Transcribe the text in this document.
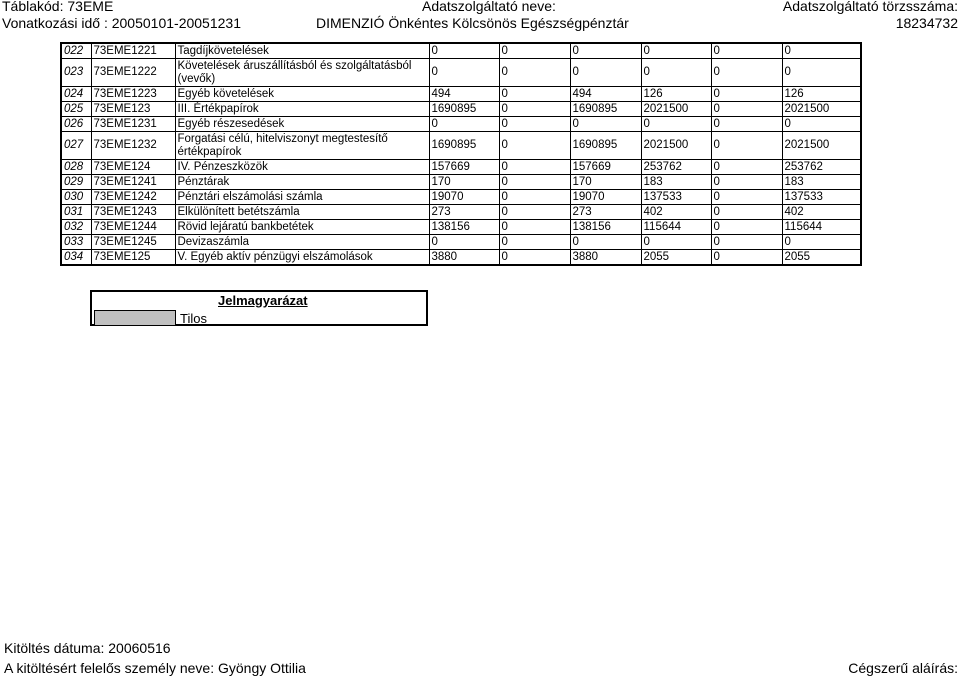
Táblakód: 73EME	Adatszolgáltató neve:	Adatszolgáltató törzsszáma:
Vonatkozási idő : 20050101-20051231	DIMENZIÓ Önkéntes Kölcsönös Egészségpénztár	18234732
022	73EME1221	Tagdíjkövetelések	0	0	0	0	0	0
023	73EME1222	Követelések áruszállításból és szolgáltatásból (vevők)	0	0	0	0	0	0
024	73EME1223	Egyéb követelések	494	0	494	126	0	126
025	73EME123	III. Értékpapírok	1690895	0	1690895	2021500	0	2021500
026	73EME1231	Egyéb részesedések	0	0	0	0	0	0
027	73EME1232	Forgatási célú, hitelviszonyt megtestesítő értékpapírok	1690895	0	1690895	2021500	0	2021500
028	73EME124	IV. Pénzeszközök	157669	0	157669	253762	0	253762
029	73EME1241	Pénztárak	170	0	170	183	0	183
030	73EME1242	Pénztári elszámolási számla	19070	0	19070	137533	0	137533
031	73EME1243	Elkülönített betétszámla	273	0	273	402	0	402
032	73EME1244	Rövid lejáratú bankbetétek	138156	0	138156	115644	0	115644
033	73EME1245	Devizaszámla	0	0	0	0	0	0
034	73EME125	V. Egyéb aktív pénzügyi elszámolások	3880	0	3880	2055	0	2055
Jelmagyarázat
Tilos
Kitöltés dátuma: 20060516
A kitöltésért felelős személy neve: Gyöngy Ottilia	Cégszerű aláírás:
